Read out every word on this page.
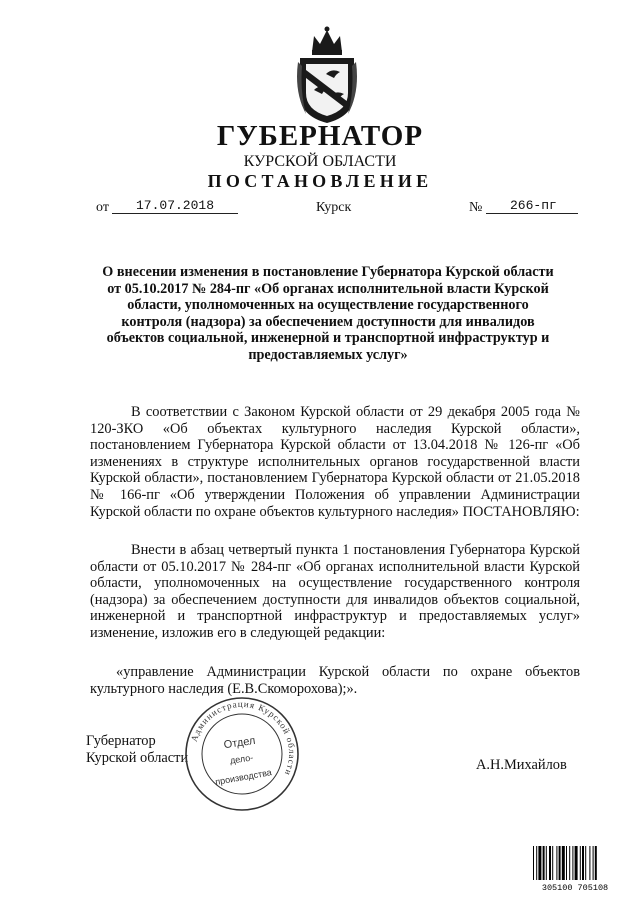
ГУБЕРНАТОР
КУРСКОЙ ОБЛАСТИ
ПОСТАНОВЛЕНИЕ
от 17.07.2018	Курск	№ 266-пг
О внесении изменения в постановление Губернатора Курской области
от 05.10.2017 № 284-пг «Об органах исполнительной власти Курской
области, уполномоченных на осуществление государственного
контроля (надзора) за обеспечением доступности для инвалидов
объектов социальной, инженерной и транспортной инфраструктур и
предоставляемых услуг»
В соответствии с Законом Курской области от 29 декабря 2005 года № 120-ЗКО «Об объектах культурного наследия Курской области», постановлением Губернатора Курской области от 13.04.2018 № 126-пг «Об изменениях в структуре исполнительных органов государственной власти Курской области», постановлением Губернатора Курской области от 21.05.2018 № 166-пг «Об утверждении Положения об управлении Администрации Курской области по охране объектов культурного наследия» ПОСТАНОВЛЯЮ:
Внести в абзац четвертый пункта 1 постановления Губернатора Курской области от 05.10.2017 № 284-пг «Об органах исполнительной власти Курской области, уполномоченных на осуществление государственного контроля (надзора) за обеспечением доступности для инвалидов объектов социальной, инженерной и транспортной инфраструктур и предоставляемых услуг» изменение, изложив его в следующей редакции:
«управление Администрации Курской области по охране объектов культурного наследия (Е.В.Скоморохова);».
Губернатор
Курской области	А.Н.Михайлов
Администрация Курской области
Отдел
дело-
производства
305100 705108
